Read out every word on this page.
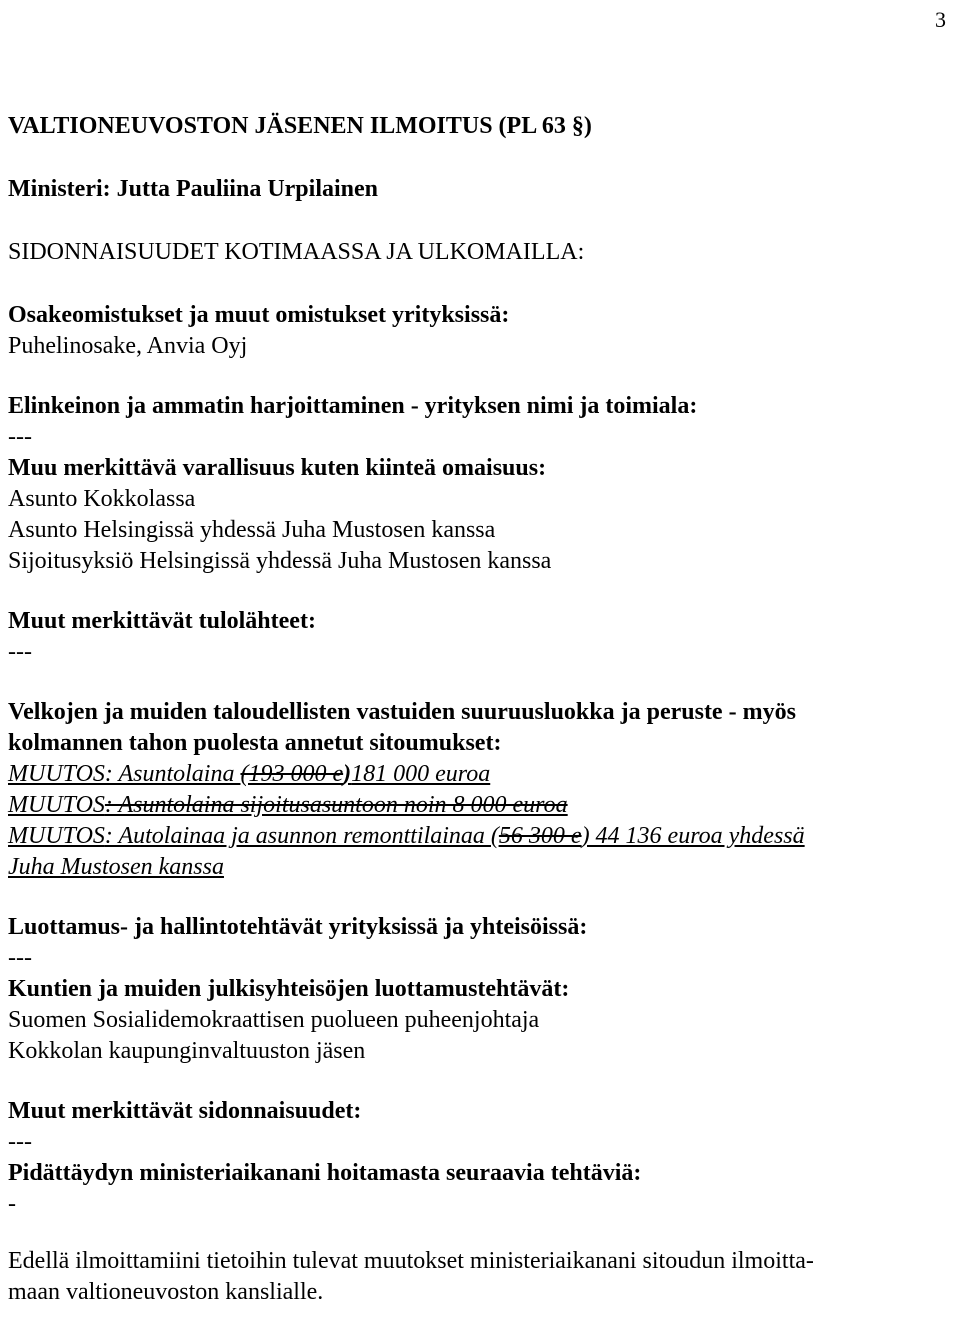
3
VALTIONEUVOSTON JÄSENEN ILMOITUS (PL 63 §)
Ministeri: Jutta Pauliina Urpilainen
SIDONNAISUUDET KOTIMAASSA JA ULKOMAILLA:
Osakeomistukset ja muut omistukset yrityksissä:
Puhelinosake, Anvia Oyj
Elinkeinon ja ammatin harjoittaminen - yrityksen nimi ja toimiala:
---
Muu merkittävä varallisuus kuten kiinteä omaisuus:
Asunto Kokkolassa
Asunto Helsingissä yhdessä Juha Mustosen kanssa
Sijoitusyksiö Helsingissä yhdessä Juha Mustosen kanssa
Muut merkittävät tulolähteet:
---
Velkojen ja muiden taloudellisten vastuiden suuruusluokka ja peruste - myös
kolmannen tahon puolesta annetut sitoumukset:
MUUTOS: Asuntolaina (193 000 e)181 000 euroa
MUUTOS: Asuntolaina sijoitusasuntoon noin 8 000 euroa
MUUTOS: Autolainaa ja asunnon remonttilainaa (56 300 e) 44 136 euroa yhdessä
Juha Mustosen kanssa
Luottamus- ja hallintotehtävät yrityksissä ja yhteisöissä:
---
Kuntien ja muiden julkisyhteisöjen luottamustehtävät:
Suomen Sosialidemokraattisen puolueen puheenjohtaja
Kokkolan kaupunginvaltuuston jäsen
Muut merkittävät sidonnaisuudet:
---
Pidättäydyn ministeriaikanani hoitamasta seuraavia tehtäviä:
-
Edellä ilmoittamiini tietoihin tulevat muutokset ministeriaikanani sitoudun ilmoitta-
maan valtioneuvoston kanslialle.
